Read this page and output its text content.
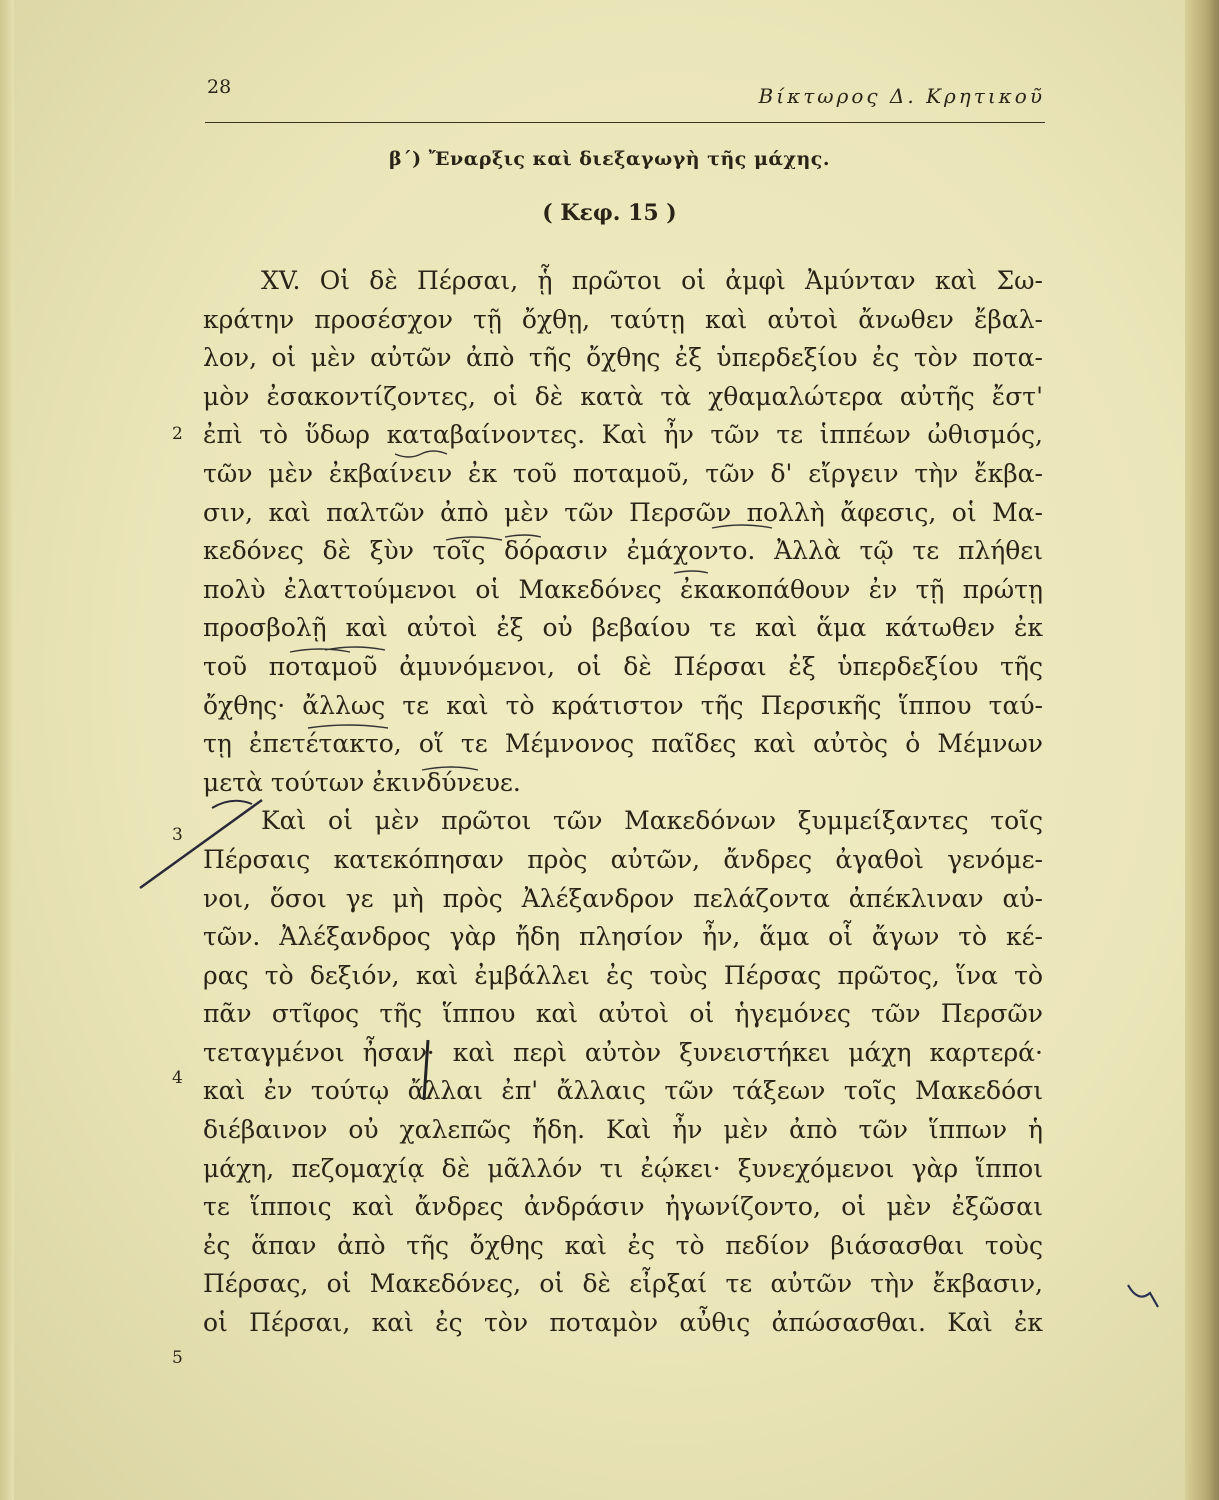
28	Βίκτωρος Δ. Κρητικοῦ
β΄) Ἔναρξις καὶ διεξαγωγὴ τῆς μάχης.
( Κεφ. 15 )
2
3
4
5
XV. Οἱ δὲ Πέρσαι, ᾗ πρῶτοι οἱ ἀμφὶ Ἀμύνταν καὶ Σω-
κράτην προσέσχον τῇ ὄχθῃ, ταύτῃ καὶ αὐτοὶ ἄνωθεν ἔβαλ-
λον, οἱ μὲν αὐτῶν ἀπὸ τῆς ὄχθης ἐξ ὑπερδεξίου ἐς τὸν ποτα-
μὸν ἐσακοντίζοντες, οἱ δὲ κατὰ τὰ χθαμαλώτερα αὐτῆς ἔστ'
ἐπὶ τὸ ὕδωρ καταβαίνοντες. Καὶ ἦν τῶν τε ἱππέων ὠθισμός,
τῶν μὲν ἐκβαίνειν ἐκ τοῦ ποταμοῦ, τῶν δ' εἴργειν τὴν ἔκβα-
σιν, καὶ παλτῶν ἀπὸ μὲν τῶν Περσῶν πολλὴ ἄφεσις, οἱ Μα-
κεδόνες δὲ ξὺν τοῖς δόρασιν ἐμάχοντο. Ἀλλὰ τῷ τε πλήθει
πολὺ ἐλαττούμενοι οἱ Μακεδόνες ἐκακοπάθουν ἐν τῇ πρώτῃ
προσβολῇ καὶ αὐτοὶ ἐξ οὐ βεβαίου τε καὶ ἅμα κάτωθεν ἐκ
τοῦ ποταμοῦ ἀμυνόμενοι, οἱ δὲ Πέρσαι ἐξ ὑπερδεξίου τῆς
ὄχθης· ἄλλως τε καὶ τὸ κράτιστον τῆς Περσικῆς ἵππου ταύ-
τῃ ἐπετέτακτο, οἵ τε Μέμνονος παῖδες καὶ αὐτὸς ὁ Μέμνων
μετὰ τούτων ἐκινδύνευε.
Καὶ οἱ μὲν πρῶτοι τῶν Μακεδόνων ξυμμείξαντες τοῖς
Πέρσαις κατεκόπησαν πρὸς αὐτῶν, ἄνδρες ἀγαθοὶ γενόμε-
νοι, ὅσοι γε μὴ πρὸς Ἀλέξανδρον πελάζοντα ἀπέκλιναν αὐ-
τῶν. Ἀλέξανδρος γὰρ ἤδη πλησίον ἦν, ἅμα οἷ ἄγων τὸ κέ-
ρας τὸ δεξιόν, καὶ ἐμβάλλει ἐς τοὺς Πέρσας πρῶτος, ἵνα τὸ
πᾶν στῖφος τῆς ἵππου καὶ αὐτοὶ οἱ ἡγεμόνες τῶν Περσῶν
τεταγμένοι ἦσαν· καὶ περὶ αὐτὸν ξυνειστήκει μάχη καρτερά·
καὶ ἐν τούτῳ ἄλλαι ἐπ' ἄλλαις τῶν τάξεων τοῖς Μακεδόσι
διέβαινον οὐ χαλεπῶς ἤδη. Καὶ ἦν μὲν ἀπὸ τῶν ἵππων ἡ
μάχη, πεζομαχίᾳ δὲ μᾶλλόν τι ἐῴκει· ξυνεχόμενοι γὰρ ἵπποι
τε ἵπποις καὶ ἄνδρες ἀνδράσιν ἠγωνίζοντο, οἱ μὲν ἐξῶσαι
ἐς ἅπαν ἀπὸ τῆς ὄχθης καὶ ἐς τὸ πεδίον βιάσασθαι τοὺς
Πέρσας, οἱ Μακεδόνες, οἱ δὲ εἶρξαί τε αὐτῶν τὴν ἔκβασιν,
οἱ Πέρσαι, καὶ ἐς τὸν ποταμὸν αὖθις ἀπώσασθαι. Καὶ ἐκ
